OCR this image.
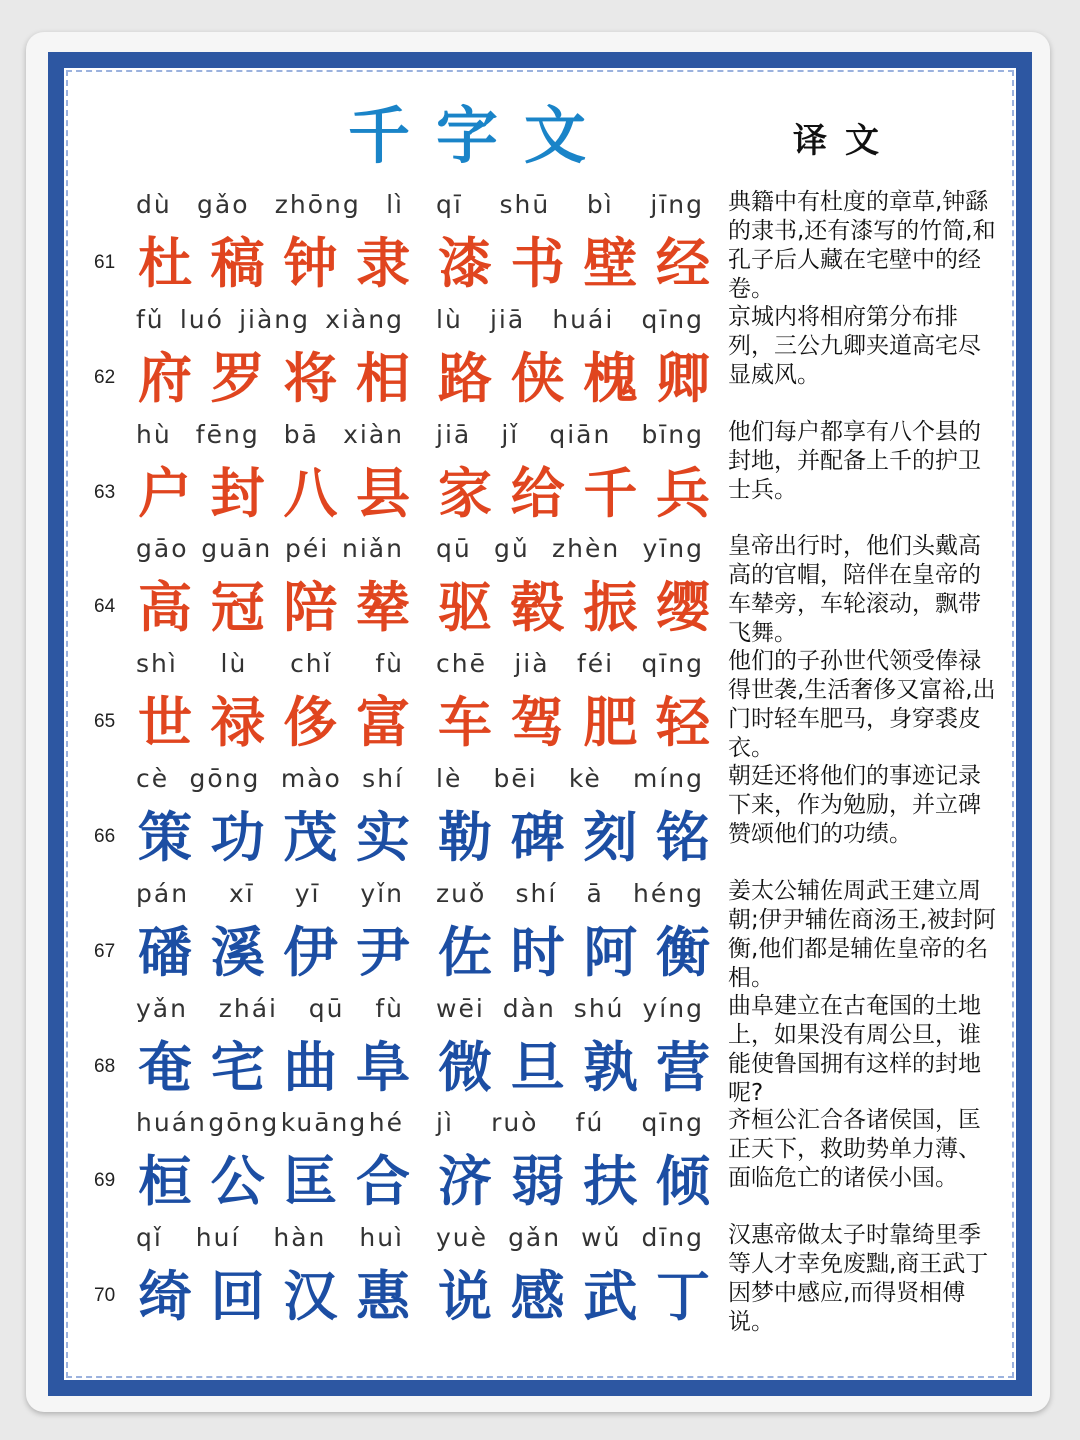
千字文	译文
61
dù gǎo zhōng lì qī shū bì jīng
杜 稿 钟 隶 漆 书 壁 经
典籍中有杜度的章草,钟繇的隶书,还有漆写的竹简,和孔子后人藏在宅壁中的经卷。
62
fǔ luó jiàng xiàng lù jiā huái qīng
府 罗 将 相 路 侠 槐 卿
京城内将相府第分布排列，三公九卿夹道高宅尽显威风。
63
hù fēng bā xiàn jiā jǐ qiān bīng
户 封 八 县 家 给 千 兵
他们每户都享有八个县的封地，并配备上千的护卫士兵。
64
gāo guān péi niǎn qū gǔ zhèn yīng
高 冠 陪 辇 驱 毂 振 缨
皇帝出行时，他们头戴高高的官帽，陪伴在皇帝的车辇旁，车轮滚动，飘带飞舞。
65
shì lù chǐ fù chē jià féi qīng
世 禄 侈 富 车 驾 肥 轻
他们的子孙世代领受俸禄得世袭,生活奢侈又富裕,出门时轻车肥马，身穿裘皮衣。
66
cè gōng mào shí lè bēi kè míng
策 功 茂 实 勒 碑 刻 铭
朝廷还将他们的事迹记录下来，作为勉励，并立碑赞颂他们的功绩。
67
pán xī yī yǐn zuǒ shí ā héng
磻 溪 伊 尹 佐 时 阿 衡
姜太公辅佐周武王建立周朝;伊尹辅佐商汤王,被封阿衡,他们都是辅佐皇帝的名相。
68
yǎn zhái qū fù wēi dàn shú yíng
奄 宅 曲 阜 微 旦 孰 营
曲阜建立在古奄国的土地上，如果没有周公旦，谁能使鲁国拥有这样的封地呢?
69
huán gōng kuāng hé jì ruò fú qīng
桓 公 匡 合 济 弱 扶 倾
齐桓公汇合各诸侯国，匡正天下，救助势单力薄、面临危亡的诸侯小国。
70
qǐ huí hàn huì yuè gǎn wǔ dīng
绮 回 汉 惠 说 感 武 丁
汉惠帝做太子时靠绮里季等人才幸免废黜,商王武丁因梦中感应,而得贤相傅说。
